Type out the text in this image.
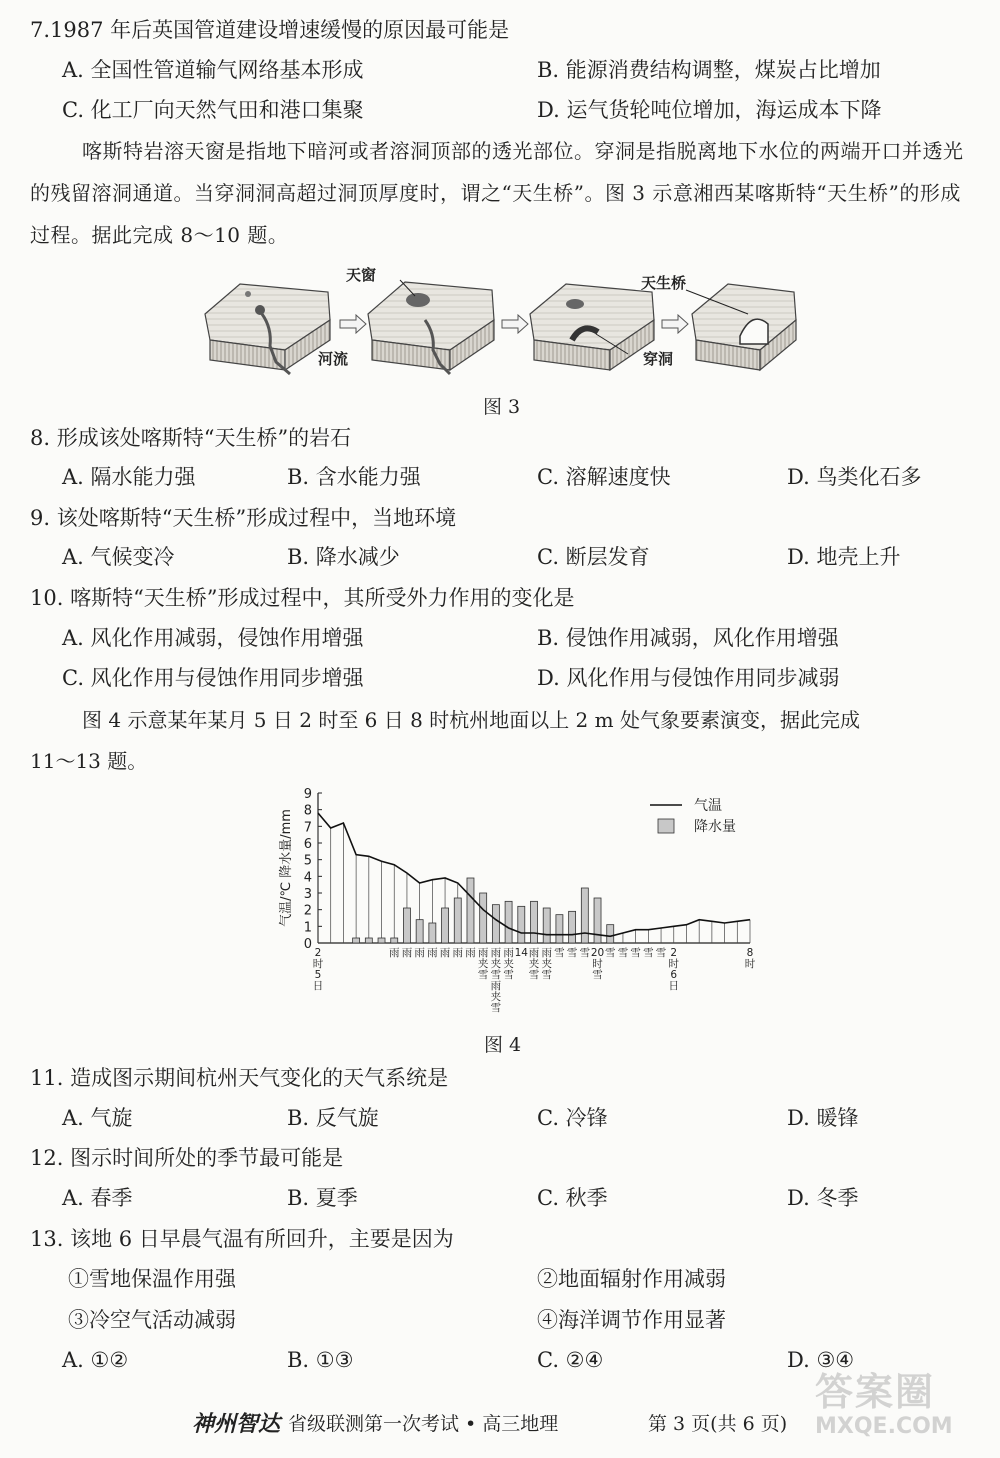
7.1987 年后英国管道建设增速缓慢的原因最可能是
A. 全国性管道输气网络基本形成	B. 能源消费结构调整，煤炭占比增加
C. 化工厂向天然气田和港口集聚	D. 运气货轮吨位增加，海运成本下降
喀斯特岩溶天窗是指地下暗河或者溶洞顶部的透光部位。穿洞是指脱离地下水位的两端开口并透光的残留溶洞通道。当穿洞洞高超过洞顶厚度时，谓之“天生桥”。图 3 示意湘西某喀斯特“天生桥”的形成过程。据此完成 8～10 题。
天窗	天生桥
河流	穿洞
图 3
8. 形成该处喀斯特“天生桥”的岩石
A. 隔水能力强	B. 含水能力强	C. 溶解速度快	D. 鸟类化石多
9. 该处喀斯特“天生桥”形成过程中，当地环境
A. 气候变冷	B. 降水减少	C. 断层发育	D. 地壳上升
10. 喀斯特“天生桥”形成过程中，其所受外力作用的变化是
A. 风化作用减弱，侵蚀作用增强	B. 侵蚀作用减弱，风化作用增强
C. 风化作用与侵蚀作用同步增强	D. 风化作用与侵蚀作用同步减弱
图 4 示意某年某月 5 日 2 时至 6 日 8 时杭州地面以上 2 m 处气象要素演变，据此完成
11～13 题。
0
1
2
3
4
5
6
7
8
9
气温/℃ 降水量/mm
2
时
5
日
雨 雨 雨 雨 雨 雨 雨 雨
夹
雪
雨
夹
雪
雨
夹
雪
雨
夹
雪
14 雨
夹
雪
雨
夹
雪
雪 雪 雪 20
时
雪
雪 雪 雪 雪 雪 2
时
6
日
8
时
气温
降水量
图 4
11. 造成图示期间杭州天气变化的天气系统是
A. 气旋	B. 反气旋	C. 冷锋	D. 暖锋
12. 图示时间所处的季节最可能是
A. 春季	B. 夏季	C. 秋季	D. 冬季
13. 该地 6 日早晨气温有所回升，主要是因为
①雪地保温作用强	②地面辐射作用减弱
③冷空气活动减弱	④海洋调节作用显著
A. ①②	B. ①③	C. ②④	D. ③④
神州智达 省级联测第一次考试 • 高三地理	第 3 页(共 6 页)
答案圈
MXQE.COM
